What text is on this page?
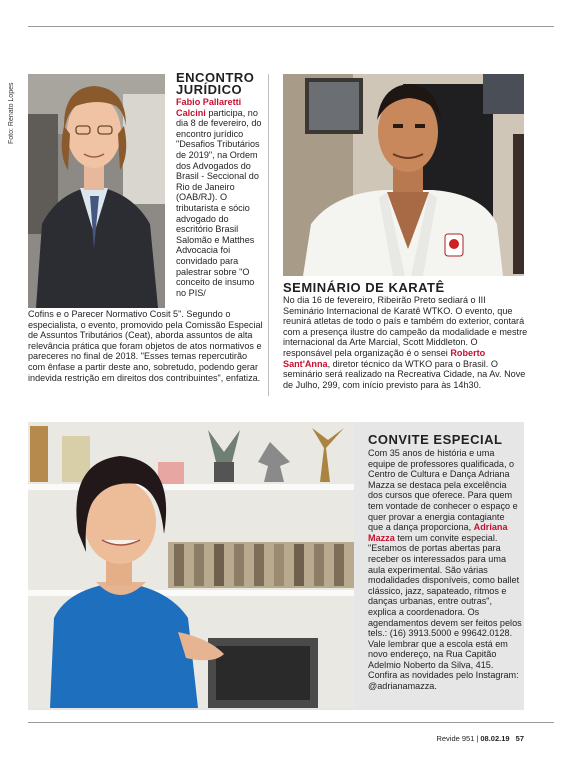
Foto: Renato Lopes
ENCONTRO JURÍDICO
Fabio Pallaretti Calcini participa, no dia 8 de fevereiro, do encontro jurídico "Desafios Tributários de 2019", na Ordem dos Advogados do Brasil - Seccional do Rio de Janeiro (OAB/RJ). O tributarista e sócio advogado do escritório Brasil Salomão e Matthes Advocacia foi convidado para palestrar sobre "O conceito de insumo no PIS/
Cofins e o Parecer Normativo Cosit 5". Segundo o especialista, o evento, promovido pela Comissão Especial de Assuntos Tributários (Ceat), aborda assuntos de alta relevância prática que foram objetos de atos normativos e pareceres no final de 2018. "Esses temas repercutirão com ênfase a partir deste ano, sobretudo, podendo gerar indevida restrição em direitos dos contribuintes", enfatiza.
SEMINÁRIO DE KARATÊ
No dia 16 de fevereiro, Ribeirão Preto sediará o III Seminário Internacional de Karatê WTKO. O evento, que reunirá atletas de todo o país e também do exterior, contará com a presença ilustre do campeão da modalidade e mestre internacional da Arte Marcial, Scott Middleton. O responsável pela organização é o sensei Roberto Sant'Anna, diretor técnico da WTKO para o Brasil. O seminário será realizado na Recreativa Cidade, na Av. Nove de Julho, 299, com início previsto para às 14h30.
CONVITE ESPECIAL
Com 35 anos de história e uma equipe de professores qualificada, o Centro de Cultura e Dança Adriana Mazza se destaca pela excelência dos cursos que oferece. Para quem tem vontade de conhecer o espaço e quer provar a energia contagiante que a dança proporciona, Adriana Mazza tem um convite especial. "Estamos de portas abertas para receber os interessados para uma aula experimental. São várias modalidades disponíveis, como ballet clássico, jazz, sapateado, ritmos e danças urbanas, entre outras", explica a coordenadora. Os agendamentos devem ser feitos pelos tels.: (16) 3913.5000 e 99642.0128. Vale lembrar que a escola está em novo endereço, na Rua Capitão Adelmio Noberto da Silva, 415. Confira as novidades pelo Instagram: @adrianamazza.
Revide 951 | 08.02.19 57
